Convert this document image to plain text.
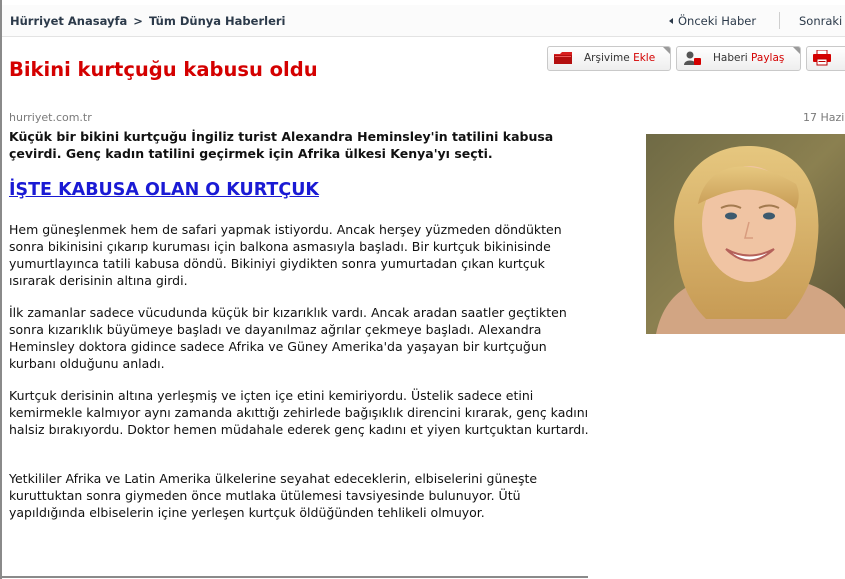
Hürriyet Anasayfa > Tüm Dünya Haberleri	Önceki Haber	Sonraki
Bikini kurtçuğu kabusu oldu	Arşivime Ekle	Haberi Paylaş
hurriyet.com.tr	17 Hazi

Küçük bir bikini kurtçuğu İngiliz turist Alexandra Heminsley'in tatilini kabusa çevirdi. Genç kadın tatilini geçirmek için Afrika ülkesi Kenya'yı seçti.

İŞTE KABUSA OLAN O KURTÇUK

Hem güneşlenmek hem de safari yapmak istiyordu. Ancak herşey yüzmeden döndükten sonra bikinisini çıkarıp kuruması için balkona asmasıyla başladı. Bir kurtçuk bikinisinde yumurtlayınca tatili kabusa döndü. Bikiniyi giydikten sonra yumurtadan çıkan kurtçuk ısırarak derisinin altına girdi.

İlk zamanlar sadece vücudunda küçük bir kızarıklık vardı. Ancak aradan saatler geçtikten sonra kızarıklık büyümeye başladı ve dayanılmaz ağrılar çekmeye başladı. Alexandra Heminsley doktora gidince sadece Afrika ve Güney Amerika'da yaşayan bir kurtçuğun kurbanı olduğunu anladı.

Kurtçuk derisinin altına yerleşmiş ve içten içe etini kemiriyordu. Üstelik sadece etini kemirmekle kalmıyor aynı zamanda akıttığı zehirlede bağışıklık direncini kırarak, genç kadını halsiz bırakıyordu. Doktor hemen müdahale ederek genç kadını et yiyen kurtçuktan kurtardı.

Yetkililer Afrika ve Latin Amerika ülkelerine seyahat edeceklerin, elbiselerini güneşte kuruttuktan sonra giymeden önce mutlaka ütülemesi tavsiyesinde bulunuyor. Ütü yapıldığında elbiselerin içine yerleşen kurtçuk öldüğünden tehlikeli olmuyor.
